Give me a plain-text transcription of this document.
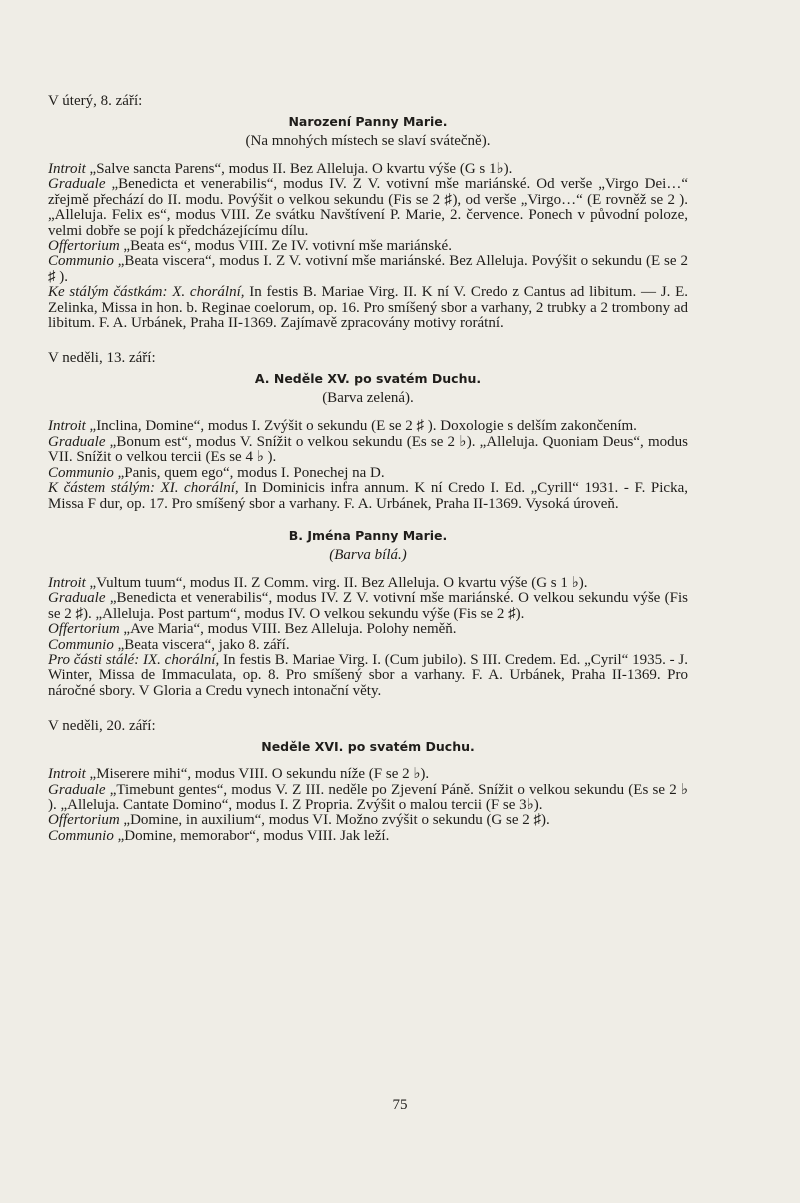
V úterý, 8. září:
Narození Panny Marie.
(Na mnohých místech se slaví svátečně).

Introit „Salve sancta Parens“, modus II. Bez Alleluja. O kvartu výše (G s 1♭).

Graduale „Benedicta et venerabilis“, modus IV. Z V. votivní mše mariánské. Od verše „Virgo Dei…“ zřejmě přechází do II. modu. Povýšit o velkou sekundu (Fis se 2 ♯), od verše „Virgo…“ (E rovněž se 2 ). „Alleluja. Felix es“, modus VIII. Ze svátku Navštívení P. Marie, 2. července. Ponech v původní poloze, velmi dobře se pojí k předcházejícímu dílu.

Offertorium „Beata es“, modus VIII. Ze IV. votivní mše mariánské.

Communio „Beata viscera“, modus I. Z V. votivní mše mariánské. Bez Alleluja. Povýšit o sekundu (E se 2 ♯ ).

Ke stálým částkám: X. chorální, In festis B. Mariae Virg. II. K ní V. Credo z Cantus ad libitum. — J. E. Zelinka, Missa in hon. b. Reginae coelorum, op. 16. Pro smíšený sbor a varhany, 2 trubky a 2 trombony ad libitum. F. A. Urbánek, Praha II-1369. Zajímavě zpracovány motivy rorátní.

V neděli, 13. září:
A. Neděle XV. po svatém Duchu.
(Barva zelená).

Introit „Inclina, Domine“, modus I. Zvýšit o sekundu (E se 2 ♯ ). Doxologie s delším zakončením.

Graduale „Bonum est“, modus V. Snížit o velkou sekundu (Es se 2 ♭). „Alleluja. Quoniam Deus“, modus VII. Snížit o velkou tercii (Es se 4 ♭ ).

Communio „Panis, quem ego“, modus I. Ponechej na D.

K částem stálým: XI. chorální, In Dominicis infra annum. K ní Credo I. Ed. „Cyrill“ 1931. - F. Picka, Missa F dur, op. 17. Pro smíšený sbor a varhany. F. A. Urbánek, Praha II-1369. Vysoká úroveň.

B. Jména Panny Marie.
(Barva bílá.)

Introit „Vultum tuum“, modus II. Z Comm. virg. II. Bez Alleluja. O kvartu výše (G s 1 ♭).

Graduale „Benedicta et venerabilis“, modus IV. Z V. votivní mše mariánské. O velkou sekundu výše (Fis se 2 ♯). „Alleluja. Post partum“, modus IV. O velkou sekundu výše (Fis se 2 ♯).

Offertorium „Ave Maria“, modus VIII. Bez Alleluja. Polohy neměň.

Communio „Beata viscera“, jako 8. září.

Pro části stálé: IX. chorální, In festis B. Mariae Virg. I. (Cum jubilo). S III. Credem. Ed. „Cyril“ 1935. - J. Winter, Missa de Immaculata, op. 8. Pro smíšený sbor a varhany. F. A. Urbánek, Praha II-1369. Pro náročné sbory. V Gloria a Credu vynech intonační věty.

V neděli, 20. září:
Neděle XVI. po svatém Duchu.

Introit „Miserere mihi“, modus VIII. O sekundu níže (F se 2 ♭).

Graduale „Timebunt gentes“, modus V. Z III. neděle po Zjevení Páně. Snížit o velkou sekundu (Es se 2 ♭ ). „Alleluja. Cantate Domino“, modus I. Z Propria. Zvýšit o malou tercii (F se 3♭).

Offertorium „Domine, in auxilium“, modus VI. Možno zvýšit o sekundu (G se 2 ♯).

Communio „Domine, memorabor“, modus VIII. Jak leží.

75
